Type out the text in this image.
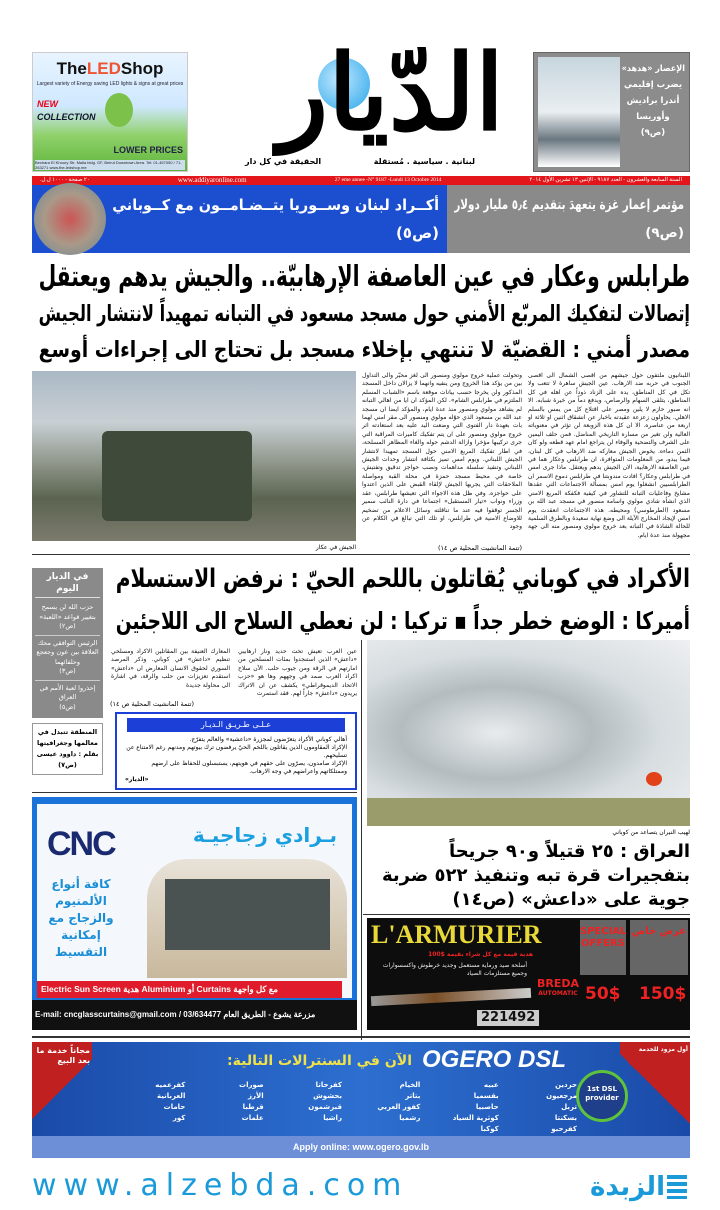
TheLEDShop
Largest variety of Energy saving LED lights & signs at great prices
NEW
COLLECTION
LOWER PRICES
Bechara El Khoury Str. Malla bldg. GF, Beirut Downtown Area. Tel: 01-457050 / 71-263271 www.the-ledshop.me
الدّيار
لبنانية . سياسية . مُستقلة
الحقيقة في كل دار
الإعصار «هدهد»
يضرب إقليمي
أندرا براديش
وأوريسا
(ص٩)
السنة السابعة والعشرون - العدد ٩١٨٧ - الإثنين ١٣ تشرين الأول ٢٠١٤
27 eme annee -N° 9187 -Lundi 13 Octobre 2014
www.addiyaronline.com
٢٠ صفحة - ١٠٠٠ ل.ل.
أكــراد لبنان وســوريا يتــضـامــون مع كــوباني
(ص٥)
مؤتمر إعمار غزة يتعهدَ بتقديم ٥٫٤ مليار دولار
(ص٩)
طرابلس وعكار في عين العاصفة الإرهابيّة.. والجيش يدهم ويعتقل
إتصالات لتفكيك المربّع الأمني حول مسجد مسعود في التبانه تمهيداً لانتشار الجيش
مصدر أمني : القضيّة لا تنتهي بإخلاء مسجد بل تحتاج الى إجراءات أوسع
الجيش في عكار
اللبنانيون ملتفون حول جيشهم من اقصى الشمال الى اقصى الجنوب في حربه ضد الارهاب. عين الجيش ساهرة لا تتعب ولا تكل في كل المناطق، يده على الزناد ذوداً عن اهله في كل المناطق، يتلقى السهام والرصاص، ويدفع دماً من خيرة شبابه. الا انه صبور حازم لا يلين ومصر على اقتلاع كل من يمس بالسلم الاهلي. يحاولون زعزعة عقيدته باخبار عن انشقاق اثنين او ثلاثة او اربعة من عناصره. الا ان كل هذه الزوبعة لن تؤثر في معنوياته العالية ولن تغير من مساره التاريخي المناضل. فمن حلف اليمين على الشرف والتضحية والوفاء لن يتراجع امام عهد قطعه ولو كان الثمن دماءه. يخوض الجيش معاركه ضد الارهاب في كل لبنان، فيما يبدو، من المعلومات المتوافرة، ان طرابلس وعكار هما في عين العاصفة الارهابية، الان الجيش يدهم ويعتقل. ماذا جرى امس في طرابلس وعكار؟ افادت مندوبتنا في طرابلس دموع الاسمر ان الطرابلسيين انشغلوا يوم امس بمسألة الاجتماعات التي عقدها مشايخ وفاعليات التبانه للتشاور في كيفية فكفكة المربع الامني الذي انشأه شادي مولوي واسامة منصور في مسجد عبد الله بن مسعود (الطرطوسي) ومحيطه. هذه الاجتماعات انعقدت يوم امس لإيجاد المخارج الآيلة الى وضع نهاية سعيدة وبالطرق السلمية للحالة الشاذة في التبانه بعد خروج مولوي ومنصور منه الى جهة مجهولة منذ عدة ايام.
وتحولت عملية خروج مولوي ومنصور الى لغز محيّر والى التداول بين من يؤكد هذا الخروج ومن ينفيه وانهما لا يزالان داخل المسجد المذكور ولن يخرجا حسب بيانات موقعة باسم «الشباب المسلم الملتزم في طرابلس الشام». لكن المؤكد ان ايا من اهالي التبانه لم يشاهد مولوي ومنصور منذ عدة ايام، والمؤكد ايضا ان مسجد عبد الله بن مسعود الذي حوّله مولوي ومنصور الى مقر امني لهما بات بعهدة دار الفتوى التي وضعت اليد عليه بعد استعادته اثر خروج مولوي ومنصور على ان يتم تفكيك كاميرات المراقبة التي جرى تركيبها مؤخرا وازالة الدشم حوله والغاء المظاهر المسلحة، في اطار تفكيك المربع الامني حول المسجد تمهيدا لانتشار الجيش اللبناني. ويوم امس تميز بكثافة انتشار وحدات الجيش اللبناني وتنفيذ سلسلة مداهمات ونصب حواجز تدقيق وتفتيش، خاصة في محيط مسجد حمزة في محلة القبة ومواصلة الملاحقات التي يجريها الجيش لإلقاء القبض على الذين اعتدوا على حواجزه. وفي ظل هذه الاجواء التي تعيشها طرابلس، عقد وزراء ونواب «تيار المستقبل» اجتماعا في دارة النائب سمير الجسر توقفوا فيه عند ما تناقلته وسائل الاعلام من تضخيم للاوضاع الامنية في طرابلس، او تلك التي تبالغ في الكلام عن وجود
(تتمة المانشيت المحلية ص ١٤)
في الديار اليوم
حزب الله لن يسمح بتغيير قواعد «اللعبة»
(ص٢)
الرئيس التوافقي محك العلاقة بين عون وجعجع وحلفائهما
(ص٣)
إحذروا لعبة الأمم في العراق
(ص٥)
المنطقة تتبدل في معالمها وجغرافيتها
بقلم : داوود عيسى
(ص٧)
الأكراد في كوباني يُقاتلون باللحم الحيّ : نرفض الاستسلام
أميركا : الوضع خطر جداً ▪ تركيا : لن نعطي السلاح الى اللاجئين
عين العرب تعيش تحت حديد ونار ارهابيي «داعش» الذين استنجدوا بمئات المسلحين من امارتهم في الرقة ومن جيوب حلب. الآن سلاح اكراد العرب صمد في وجههم وها هو «حزب الاتحاد الديموقراطي» يكشف عن ان الاتراك يريدون «داعش» جاراً لهم. فقد استمرت
المعارك العنيفة بين المقاتلين الاكراد ومسلحي تنظيم «داعش» في كوباني. وذكر المرصد السوري لحقوق الانسان المعارض ان «داعش» استقدم تعزيزات من حلب والرقة، في اشارة الى محاولة جديدة
(تتمة المانشيت المحلية ص ١٤)
عـلـى طـريـق الـديـار

أهالي كوباني الأكراد يتعرّضون لمجزرة «داعشية» والعالم يتفرّج.

الإكراد المقاومون الذين يقاتلون باللحم الحيّ يرفضون ترك بيوتهم ومدنهم رغم الامتناع عن تسليحهم.

الإكراد صامدون، يصرّون على حقهم في هويتهم، يستبسلون للحفاظ على ارضهم وممتلكاتهم واعراضهم في وجه الارهاب.

«الديار»

لهيب النيران يتصاعد من كوباني
العراق : ٢٥ قتيلاً و٩٠ جريحاً بتفجيرات قرة تبه وتنفيذ ٥٢٢ ضربة جوية على «داعش» (ص١٤)
CNC	بـرادي زجاجيـة
كافة أنواع الألمنيوم والزجاج مع إمكانية التقسيط
Electric Sun Screen هدية Aluminium أو Curtains مع كل واجهة
E-mail: cncglasscurtains@gmail.com / 03/634477 مزرعة يشوع - الطريق العام
L'ARMURIER
هدية قيمة مع كل شراء بقيمة $100
أسلحة صيد ورماية مستعمل وجديد خرطوش واكسسوارات وجميع مستلزمات الصياد
BREDA
AUTOMATIC
SPECIAL OFFERS
عرض خاص
50$ 150$
221492
مجاناً خدمة ما بعد البيع
أول مزود للخدمة
الآن في السنترالات التالية: OGERO DSL
1st DSL provider
حردين
عبيه
الخيام
كفرحاتا
صورات
كفرعميه
مرجعيون
بقسميا
بتاتر
بحشوش
الأرز
العربانية
تربل
حاصبيا
كفور العربي
قبرشمون
قرطبا
حامات
بسكنتا
كوثرية السياد
رشميا
راشيا
علمات
كور
كفرحبو
كوكبا
Apply online: www.ogero.gov.lb
www.alzebda.com	الزبدة
